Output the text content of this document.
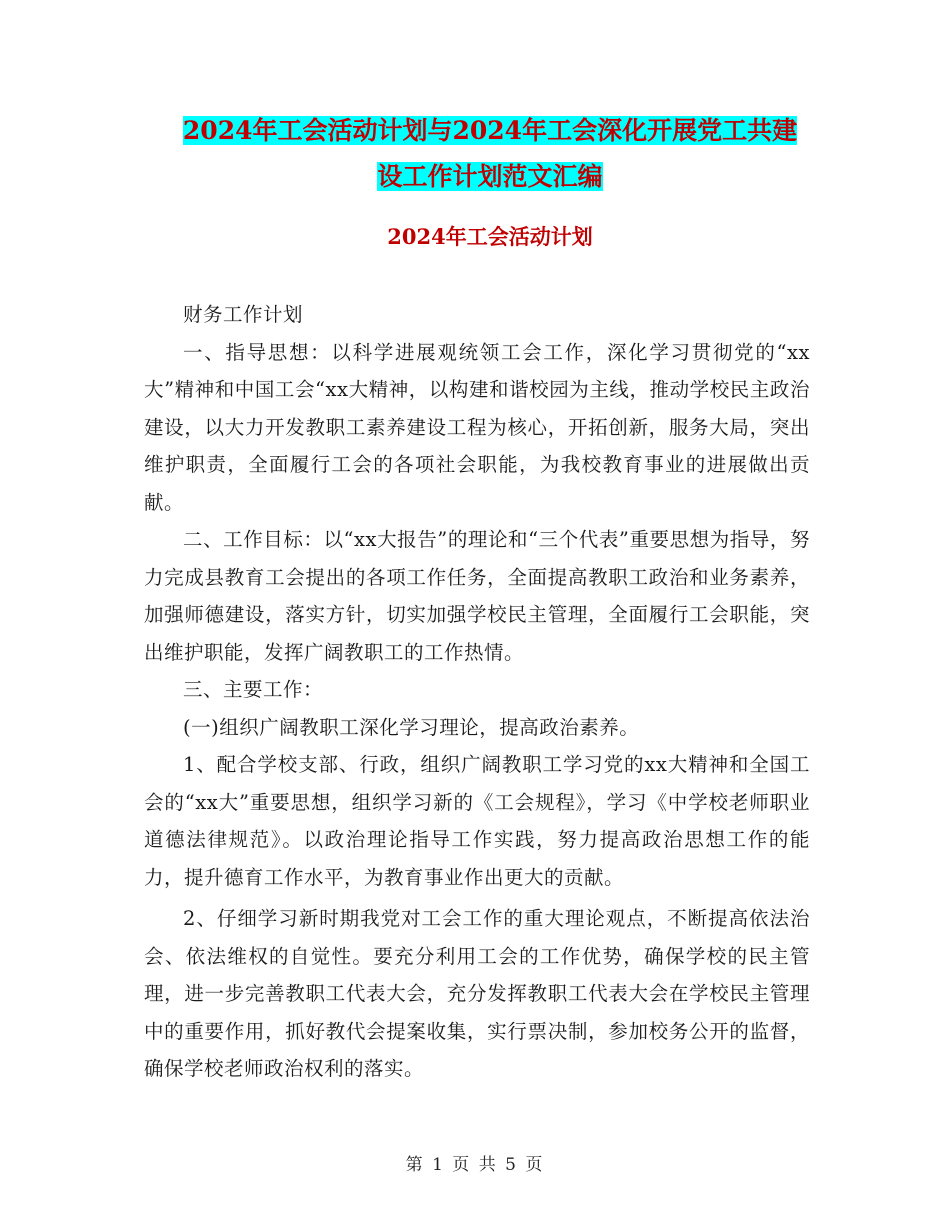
2024年工会活动计划与2024年工会深化开展党工共建
设工作计划范文汇编
2024年工会活动计划

财务工作计划

一、指导思想：以科学进展观统领工会工作，深化学习贯彻党的“xx大”精神和中国工会“xx大精神，以构建和谐校园为主线，推动学校民主政治建设，以大力开发教职工素养建设工程为核心，开拓创新，服务大局，突出维护职责，全面履行工会的各项社会职能，为我校教育事业的进展做出贡献。

二、工作目标：以“xx大报告”的理论和“三个代表”重要思想为指导，努力完成县教育工会提出的各项工作任务，全面提高教职工政治和业务素养，加强师德建设，落实方针，切实加强学校民主管理，全面履行工会职能，突出维护职能，发挥广阔教职工的工作热情。

三、主要工作：

(一)组织广阔教职工深化学习理论，提高政治素养。

1、配合学校支部、行政，组织广阔教职工学习党的xx大精神和全国工会的“xx大”重要思想，组织学习新的《工会规程》，学习《中学校老师职业道德法律规范》。以政治理论指导工作实践，努力提高政治思想工作的能力，提升德育工作水平，为教育事业作出更大的贡献。

2、仔细学习新时期我党对工会工作的重大理论观点，不断提高依法治会、依法维权的自觉性。要充分利用工会的工作优势，确保学校的民主管理，进一步完善教职工代表大会，充分发挥教职工代表大会在学校民主管理中的重要作用，抓好教代会提案收集，实行票决制，参加校务公开的监督，确保学校老师政治权利的落实。

第 1 页 共 5 页
